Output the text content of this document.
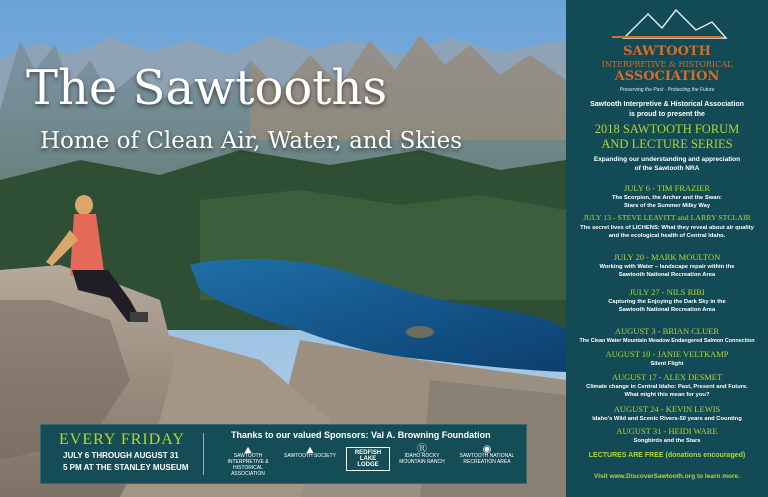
The Sawtooths
Home of Clean Air, Water, and Skies
EVERY FRIDAY
JULY 6 THROUGH AUGUST 31
5 PM AT THE STANLEY MUSEUM
Thanks to our valued Sponsors: Val A. Browning Foundation
⛰
SAWTOOTH INTERPRETIVE & HISTORICAL ASSOCIATION
⛰
SAWTOOTH SOCIETY	REDFISH LAKE LODGE
Ⓡ
IDAHO ROCKY MOUNTAIN RANCH
◉
SAWTOOTH NATIONAL RECREATION AREA
SAWTOOTH
INTERPRETIVE & HISTORICAL
ASSOCIATION
Preserving the Past · Protecting the Future
Sawtooth Interpretive & Historical Association
is proud to present the
2018 SAWTOOTH FORUM
AND LECTURE SERIES
Expanding our understanding and appreciation
of the Sawtooth NRA
JULY 6 - TIM FRAZIER
The Scorpion, the Archer and the Swan:
Stars of the Summer Milky Way
JULY 13 - STEVE LEAVITT and LARRY STCLAIR
The secret lives of LICHENS: What they reveal about air quality
and the ecological health of Central Idaho.
JULY 20 - MARK MOULTON
Working with Water – landscape repair within the
Sawtooth National Recreation Area
JULY 27 - NILS RIBI
Capturing the Enjoying the Dark Sky in the
Sawtooth National Recreation Area
AUGUST 3 - BRIAN CLUER
The Clean Water Mountain Meadow Endangered Salmon Connection
AUGUST 10 - JANIE VELTKAMP
Silent Flight
AUGUST 17 - ALEX DESMET
Climate change in Central Idaho: Past, Present and Future.
What might this mean for you?
AUGUST 24 - KEVIN LEWIS
Idaho's Wild and Scenic Rivers-50 years and Counting
AUGUST 31 - HEIDI WARE
Songbirds and the Stars
LECTURES ARE FREE (donations encouraged)
Visit www.DiscoverSawtooth.org to learn more.
